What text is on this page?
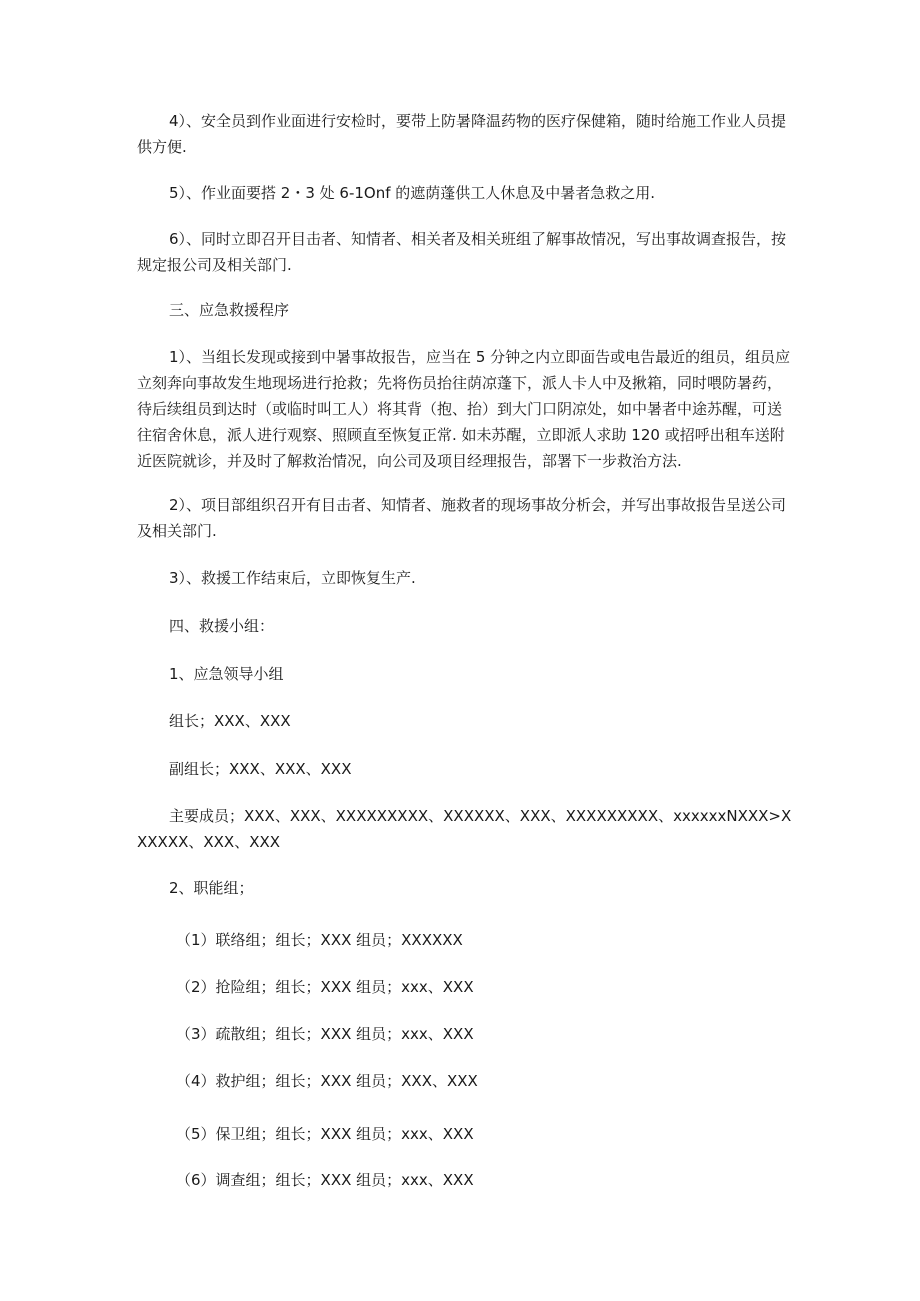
4）、安全员到作业面进行安检时，要带上防暑降温药物的医疗保健箱，随时给施工作业人员提供方便.

5）、作业面要搭 2・3 处 6-1Onf 的遮荫蓬供工人休息及中暑者急救之用.

6）、同时立即召开目击者、知情者、相关者及相关班组了解事故情况，写出事故调查报告，按规定报公司及相关部门.

三、应急救援程序

1）、当组长发现或接到中暑事故报告，应当在 5 分钟之内立即面告或电告最近的组员，组员应立刻奔向事故发生地现场进行抢救；先将伤员抬往荫凉蓬下，派人卡人中及揪箱，同时喂防暑药，待后续组员到达时（或临时叫工人）将其背（抱、抬）到大门口阴凉处，如中暑者中途苏醒，可送往宿舍休息，派人进行观察、照顾直至恢复正常. 如未苏醒，立即派人求助 120 或招呼出租车送附近医院就诊，并及时了解救治情况，向公司及项目经理报告，部署下一步救治方法.

2）、项目部组织召开有目击者、知情者、施救者的现场事故分析会，并写出事故报告呈送公司及相关部门.

3）、救援工作结束后，立即恢复生产.

四、救援小组：

1、应急领导小组

组长；XXX、XXX

副组长；XXX、XXX、XXX

主要成员；XXX、XXX、XXXXXXXXX、XXXXXX、XXX、XXXXXXXXX、xxxxxxNXXX>XXXXXX、XXX、XXX

2、职能组；

（1）联络组；组长；XXX 组员；XXXXXX

（2）抢险组；组长；XXX 组员；xxx、XXX

（3）疏散组；组长；XXX 组员；xxx、XXX

（4）救护组；组长；XXX 组员；XXX、XXX

（5）保卫组；组长；XXX 组员；xxx、XXX

（6）调查组；组长；XXX 组员；xxx、XXX
